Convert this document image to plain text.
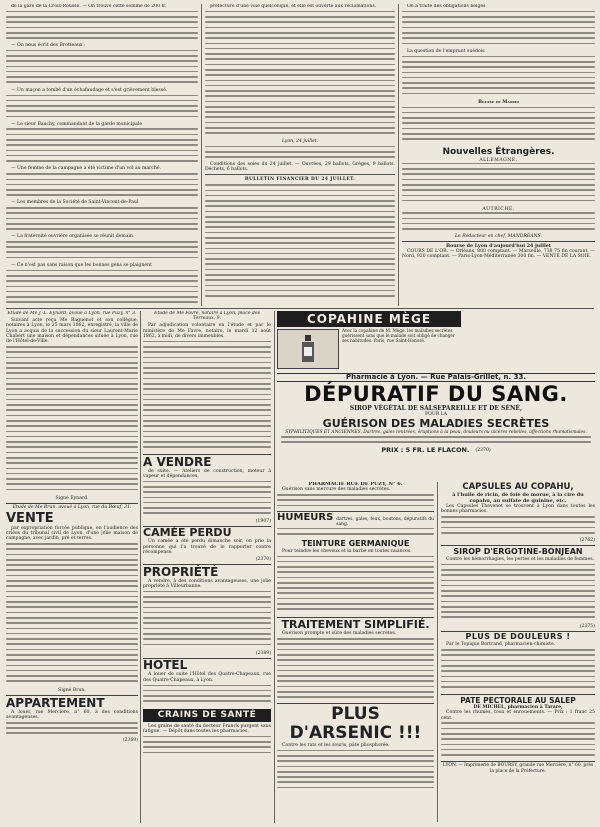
de la gare de la Croix-Rousse. — On trouve cette somme de 200 fr.

— On nous écrit des Brotteaux :

— Un maçon a tombé d'un échafaudage et s'est grièvement blessé.

— Le sieur Bauchy, commandant de la garde municipale

— Une femme de la campagne a été victime d'un vol au marché.

— Les membres de la Société de Saint-Vincent-de-Paul

— La fraternité ouvrière organisée se réunit demain.

— Ce n'est pas sans raison que les bonnes gens se plaignent

préfecture d'une voie quelconque, et elle est ouverte aux réclamations.

Lyon, 24 juillet.

Conditions des soies du 24 juillet. — Ouvrées, 29 ballots. Grèges, 9 ballots. Déchets, 6 ballots.

BULLETIN FINANCIER DU 24 JUILLET.

On a traité des obligations belges

La question de l'emprunt suédois

Bourse de Madrid

Nouvelles Étrangères.
ALLEMAGNE.
AUTRICHE.
Le Rédacteur en chef, MANDRÉANS.
Bourse de Lyon d'aujourd'hui 24 juillet

COURS DE L'OR. — Orléans, 800 comptant. — Marseille, 738 75 fin courant. — Nord, 920 comptant. — Paris-Lyon-Méditerranée 300 fin. — VENTE DE LA SOIE.

Etude de Me J.-L. Eynard, avoué à Lyon, rue Puzy, n° 3.

Suivant acte reçu Me Baguenot et son collègue, notaires à Lyon, le 25 mars 1862, enregistré, la ville de Lyon a acquis de la succession du sieur Laurent-Marie Chabert une maison et dépendances située à Lyon, rue de l'Hôtel-de-Ville.

Signé Eynard.

Etude de Me Brun, avoué à Lyon, rue du Bœuf, 31.

VENTE

par expropriation forcée publique, en l'audience des criées du tribunal civil de Lyon, d'une jolie maison de campagne, avec jardin, pré et terres.

Signé Brun.

APPARTEMENT

A louer, rue Mercière, n° 60, à des conditions avantageuses.

(2369)

Etude de Me Favre, notaire à Lyon, place des Terreaux, 9.

Par adjudication volontaire en l'étude et par le ministère de Me Favre, notaire, le mardi 12 août 1862, à midi, de divers immeubles.

A VENDRE

de suite. — Ateliers de construction, moteur à vapeur et dépendances.

(1907)

CAMÉE PERDU

Un camée a été perdu dimanche soir, on prie la personne qui l'a trouvé de le rapporter contre récompense.

(2370)

PROPRIÉTÉ

A vendre, à des conditions avantageuses, une jolie propriété à Villeurbanne.

(2389)

HOTEL

A louer de suite l'Hôtel des Quatre-Chapeaux, rue des Quatre-Chapeaux, à Lyon.

CRAINS DE SANTÉ

Les grains de santé du docteur Franck purgent sans fatigue. — Dépôt dans toutes les pharmacies.

COPAHINE MÈGE
Avec la copahine de M. Mège, les maladies secrètes guérissent sans que le malade soit obligé de changer ses habitudes. Paris, rue Saint-Honoré.
Pharmacie à Lyon. — Rue Palais-Grillet, n. 33.
DÉPURATIF DU SANG.
SIROP VÉGÉTAL DE SALSEPAREILLE ET DE SÉNÉ,
POUR LA
GUÉRISON DES MALADIES SECRÈTES
SYPHILITIQUES ET ANCIENNES, Dartres, gales rentrées, éruptions à la peau, douleurs ou ulcères rebelles, affections rhumatismales.
PRIX : 5 FR. LE FLACON. (2370)
PHARMACIE RUE DE PUZY, N° 6.

Guérison sans mercure des maladies secrètes.

HUMEURS dartres, gales, feux, boutons, dépuratifs du sang.
TEINTURE GERMANIQUE

Pour teindre les cheveux et la barbe en toutes nuances.

TRAITEMENT SIMPLIFIÉ.

Guérison prompte et sûre des maladies secrètes.

PLUS D'ARSENIC !!!

Contre les rats et les souris, pâte phosphorée.

CAPSULES AU COPAHU,
à l'huile de ricin, de foie de morue, à la cire du copahu, au sulfate de quinine, etc.

Les Capsules Thevenot se trouvent à Lyon dans toutes les bonnes pharmacies.

(2762)

SIROP D'ERGOTINE-BONJEAN

Contre les hémorrhagies, les pertes et les maladies de femmes.

(2375)

PLUS DE DOULEURS !

Par le Topique Bertrand, pharmacien-chimiste.

PATE PECTORALE AU SALEP
DE MICHEL, pharmacien à Tarare,

Contre les rhumes, toux et enrouements. — Prix : 1 franc 25 cent.

LYON. — Imprimerie de BOURSY, grande rue Mercière, n° 60, près la place de la Préfecture.
